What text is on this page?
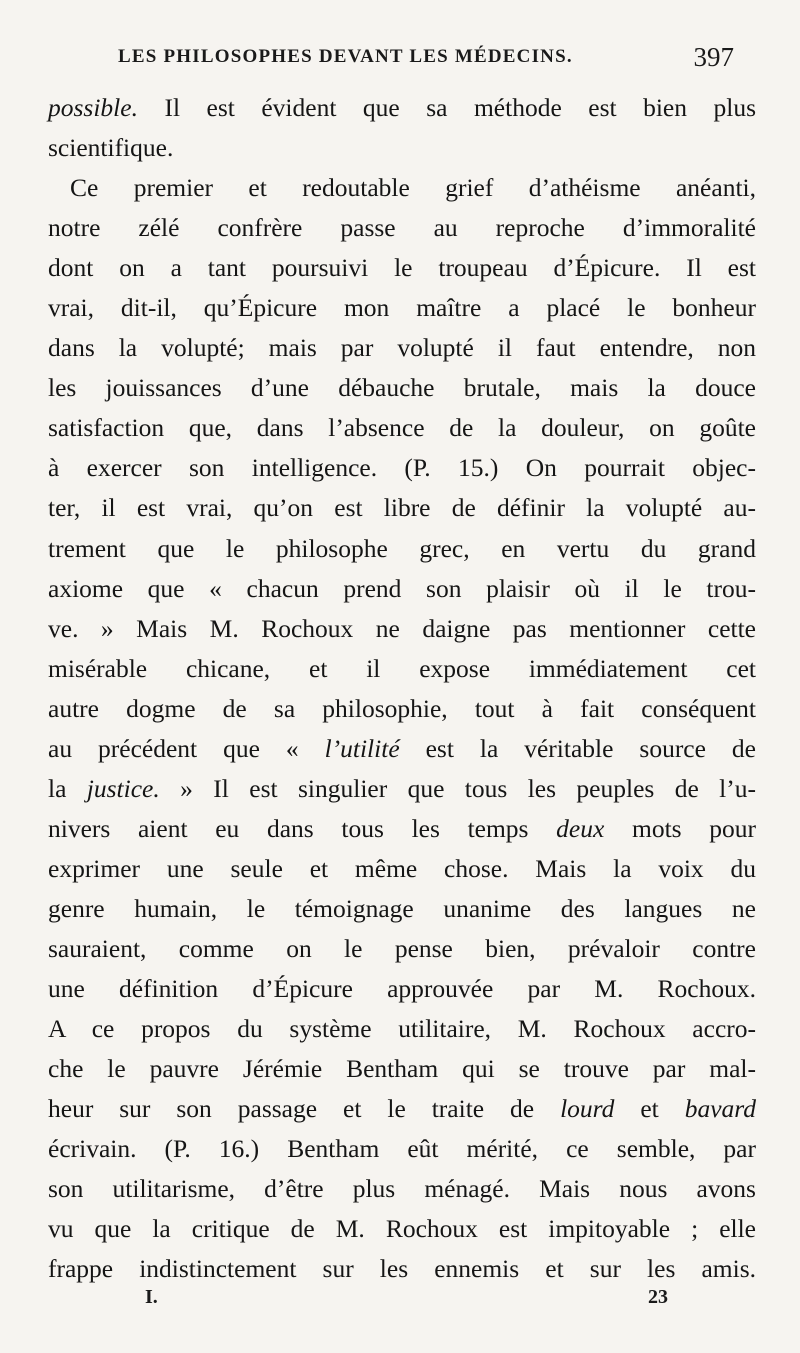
LES PHILOSOPHES DEVANT LES MÉDECINS.	397
possible. Il est évident que sa méthode est bien plus
scientifique.
Ce premier et redoutable grief d’athéisme anéanti,
notre zélé confrère passe au reproche d’immoralité
dont on a tant poursuivi le troupeau d’Épicure. Il est
vrai, dit-il, qu’Épicure mon maître a placé le bonheur
dans la volupté; mais par volupté il faut entendre, non
les jouissances d’une débauche brutale, mais la douce
satisfaction que, dans l’absence de la douleur, on goûte
à exercer son intelligence. (P. 15.) On pourrait objec-
ter, il est vrai, qu’on est libre de définir la volupté au-
trement que le philosophe grec, en vertu du grand
axiome que « chacun prend son plaisir où il le trou-
ve. » Mais M. Rochoux ne daigne pas mentionner cette
misérable chicane, et il expose immédiatement cet
autre dogme de sa philosophie, tout à fait conséquent
au précédent que « l’utilité est la véritable source de
la justice. » Il est singulier que tous les peuples de l’u-
nivers aient eu dans tous les temps deux mots pour
exprimer une seule et même chose. Mais la voix du
genre humain, le témoignage unanime des langues ne
sauraient, comme on le pense bien, prévaloir contre
une définition d’Épicure approuvée par M. Rochoux.
A ce propos du système utilitaire, M. Rochoux accro-
che le pauvre Jérémie Bentham qui se trouve par mal-
heur sur son passage et le traite de lourd et bavard
écrivain. (P. 16.) Bentham eût mérité, ce semble, par
son utilitarisme, d’être plus ménagé. Mais nous avons
vu que la critique de M. Rochoux est impitoyable ; elle
frappe indistinctement sur les ennemis et sur les amis.
I.	23
